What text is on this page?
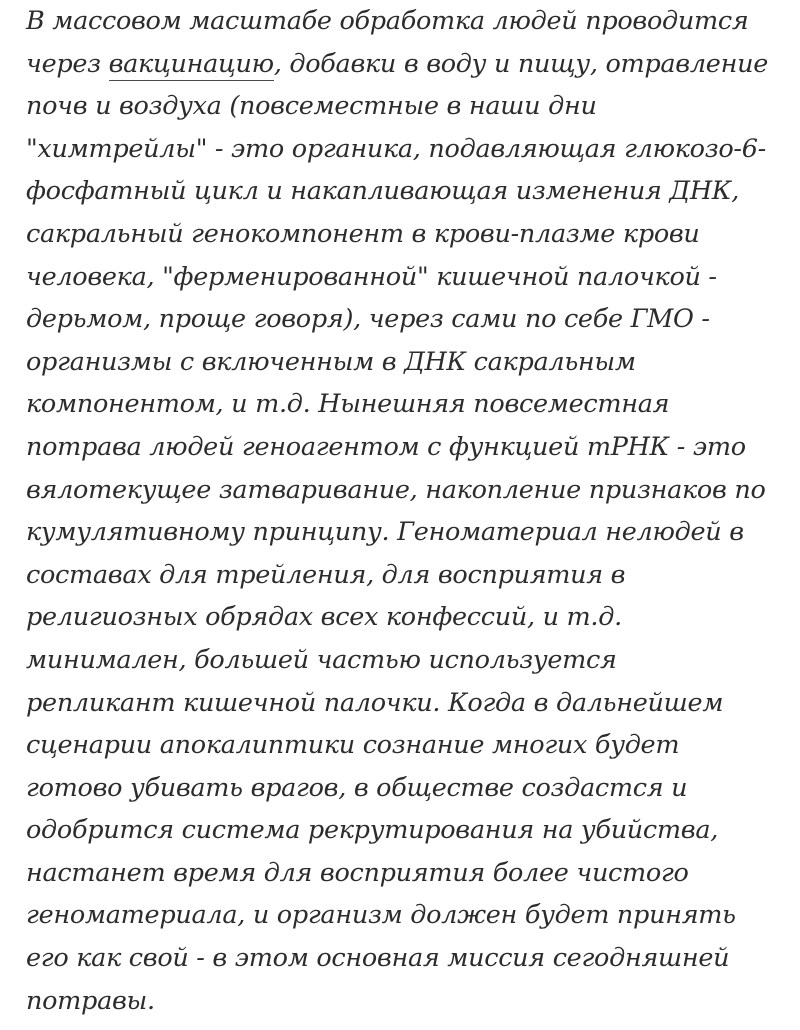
В массовом масштабе обработка людей проводится
через вакцинацию, добавки в воду и пищу, отравление
почв и воздуха (повсеместные в наши дни
"химтрейлы" - это органика, подавляющая глюкозо-6-
фосфатный цикл и накапливающая изменения ДНК,
сакральный генокомпонент в крови-плазме крови
человека, "ферменированной" кишечной палочкой -
дерьмом, проще говоря), через сами по себе ГМО -
организмы с включенным в ДНК сакральным
компонентом, и т.д. Нынешняя повсеместная
потрава людей геноагентом с функцией тРНК - это
вялотекущее затваривание, накопление признаков по
кумулятивному принципу. Геноматериал нелюдей в
составах для трейления, для восприятия в
религиозных обрядах всех конфессий, и т.д.
минимален, большей частью используется
репликант кишечной палочки. Когда в дальнейшем
сценарии апокалиптики сознание многих будет
готово убивать врагов, в обществе создастся и
одобрится система рекрутирования на убийства,
настанет время для восприятия более чистого
геноматериала, и организм должен будет принять
его как свой - в этом основная миссия сегодняшней
потравы.
